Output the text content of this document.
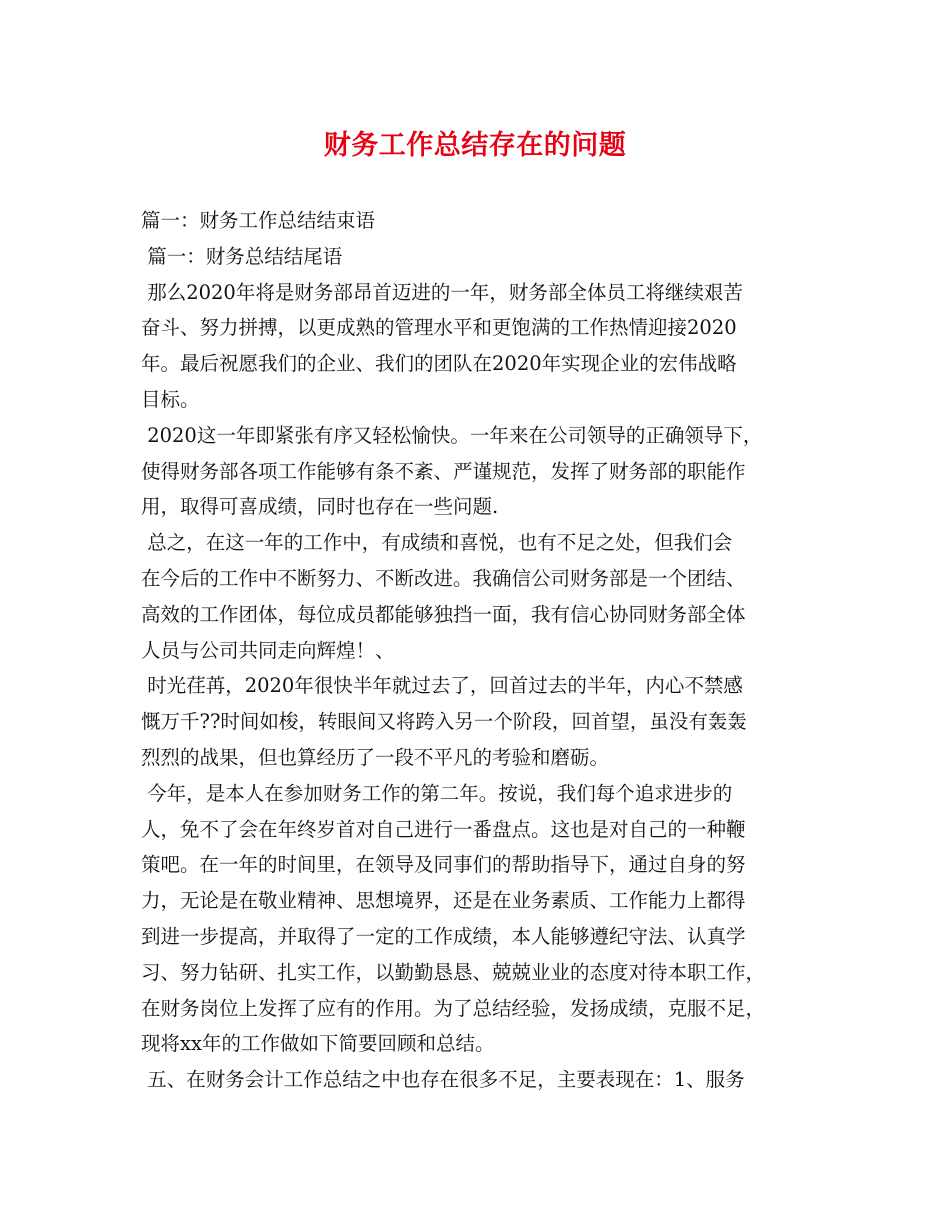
财务工作总结存在的问题
篇一：财务工作总结结束语
篇一：财务总结结尾语
那么2020年将是财务部昂首迈进的一年，财务部全体员工将继续艰苦
奋斗、努力拼搏，以更成熟的管理水平和更饱满的工作热情迎接2020
年。最后祝愿我们的企业、我们的团队在2020年实现企业的宏伟战略
目标。
2020这一年即紧张有序又轻松愉快。一年来在公司领导的正确领导下，
使得财务部各项工作能够有条不紊、严谨规范，发挥了财务部的职能作
用，取得可喜成绩，同时也存在一些问题.
总之，在这一年的工作中，有成绩和喜悦，也有不足之处，但我们会
在今后的工作中不断努力、不断改进。我确信公司财务部是一个团结、
高效的工作团体，每位成员都能够独挡一面，我有信心协同财务部全体
人员与公司共同走向辉煌！、
时光荏苒，2020年很快半年就过去了，回首过去的半年，内心不禁感
慨万千??时间如梭，转眼间又将跨入另一个阶段，回首望，虽没有轰轰
烈烈的战果，但也算经历了一段不平凡的考验和磨砺。
今年，是本人在参加财务工作的第二年。按说，我们每个追求进步的
人，免不了会在年终岁首对自己进行一番盘点。这也是对自己的一种鞭
策吧。在一年的时间里，在领导及同事们的帮助指导下，通过自身的努
力，无论是在敬业精神、思想境界，还是在业务素质、工作能力上都得
到进一步提高，并取得了一定的工作成绩，本人能够遵纪守法、认真学
习、努力钻研、扎实工作，以勤勤恳恳、兢兢业业的态度对待本职工作，
在财务岗位上发挥了应有的作用。为了总结经验，发扬成绩，克服不足，
现将xx年的工作做如下简要回顾和总结。
五、在财务会计工作总结之中也存在很多不足，主要表现在：1、服务
